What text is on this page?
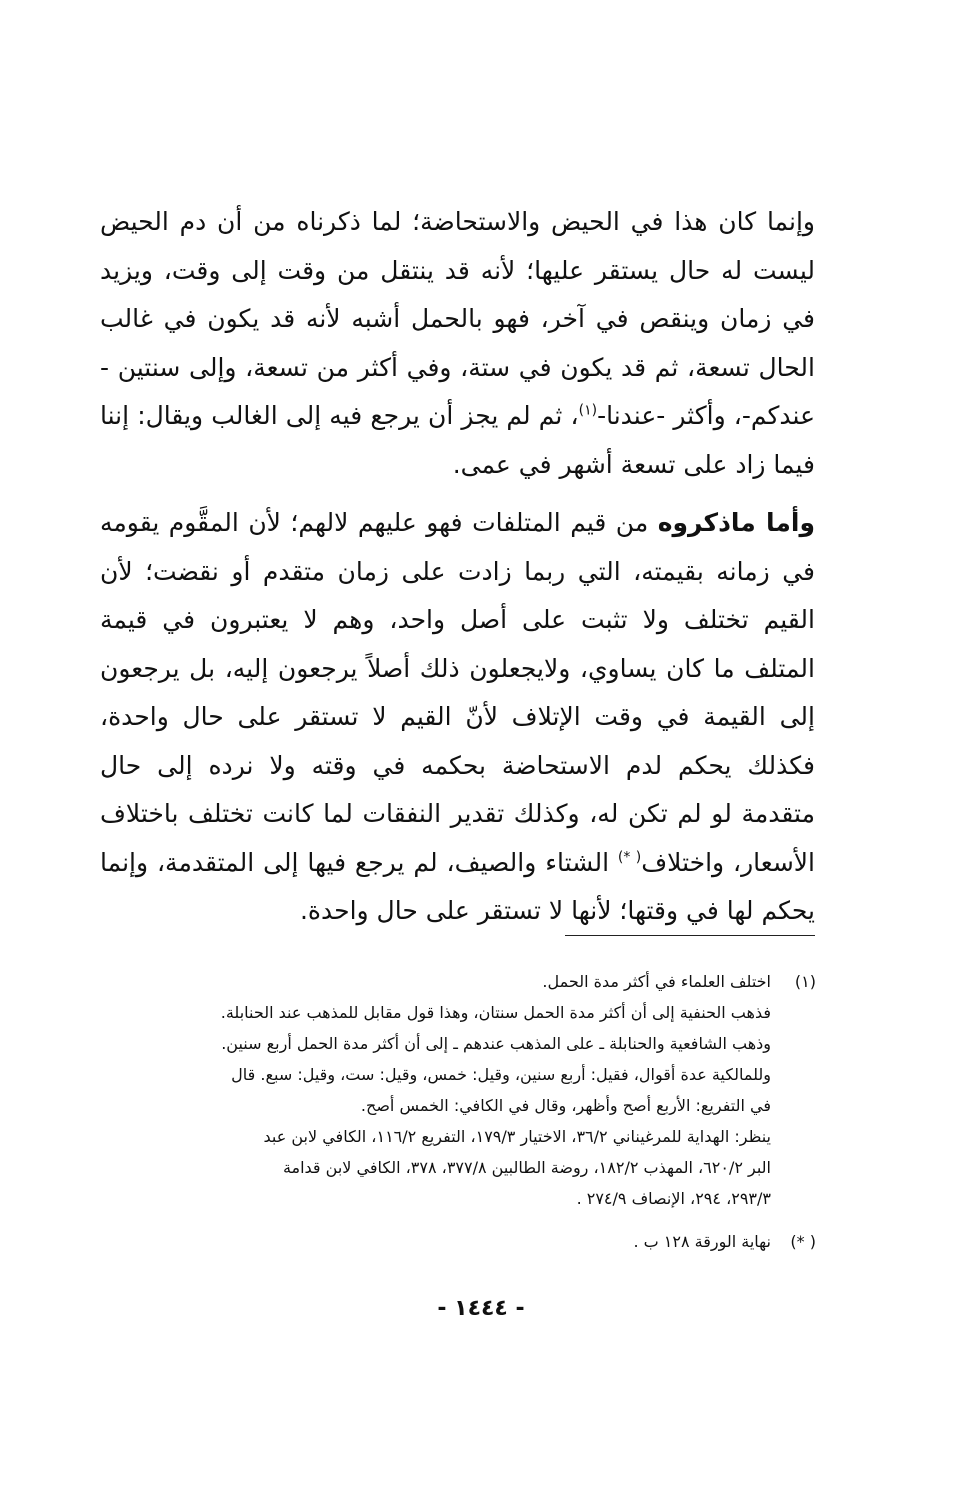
وإنما كان هذا في الحيض والاستحاضة؛ لما ذكرناه من أن دم الحيض ليست له حال يستقر عليها؛ لأنه قد ينتقل من وقت إلى وقت، ويزيد في زمان وينقص في آخر، فهو بالحمل أشبه لأنه قد يكون في غالب الحال تسعة، ثم قد يكون في ستة، وفي أكثر من تسعة، وإلى سنتين - عندكم-، وأكثر -عندنا-$^{(١)}$، ثم لم يجز أن يرجع فيه إلى الغالب ويقال: إننا فيما زاد على تسعة أشهر في عمى.

وأما ماذكروه من قيم المتلفات فهو عليهم لالهم؛ لأن المقَّوم يقومه في زمانه بقيمته، التي ربما زادت على زمان متقدم أو نقضت؛ لأن القيم تختلف ولا تثبت على أصل واحد، وهم لا يعتبرون في قيمة المتلف ما كان يساوي، ولايجعلون ذلك أصلاً يرجعون إليه، بل يرجعون إلى القيمة في وقت الإتلاف لأنّ القيم لا تستقر على حال واحدة، فكذلك يحكم لدم الاستحاضة بحكمه في وقته ولا نرده إلى حال متقدمة لو لم تكن له، وكذلك تقدير النفقات لما كانت تختلف باختلاف الأسعار، واختلاف( *) الشتاء والصيف، لم يرجع فيها إلى المتقدمة، وإنما يحكم لها في وقتها؛ لأنها لا تستقر على حال واحدة.

(١)
اختلف العلماء في أكثر مدة الحمل.
فذهب الحنفية إلى أن أكثر مدة الحمل سنتان، وهذا قول مقابل للمذهب عند الحنابلة.
وذهب الشافعية والحنابلة ـ على المذهب عندهم ـ إلى أن أكثر مدة الحمل أربع سنين.
وللمالكية عدة أقوال، فقيل: أربع سنين، وقيل: خمس، وقيل: ست، وقيل: سبع. قال
في التفريع: الأربع أصح وأظهر، وقال في الكافي: الخمس أصح.
ينظر: الهداية للمرغيناني ٣٦/٢، الاختيار ١٧٩/٣، التفريع ١١٦/٢، الكافي لابن عبد
البر ٦٢٠/٢، المهذب ١٨٢/٢، روضة الطالبين ٣٧٧/٨، ٣٧٨، الكافي لابن قدامة
٢٩٣/٣، ٢٩٤، الإنصاف ٢٧٤/٩ .
( *)
نهاية الورقة ١٢٨ ب .
- ١٤٤٤ -
